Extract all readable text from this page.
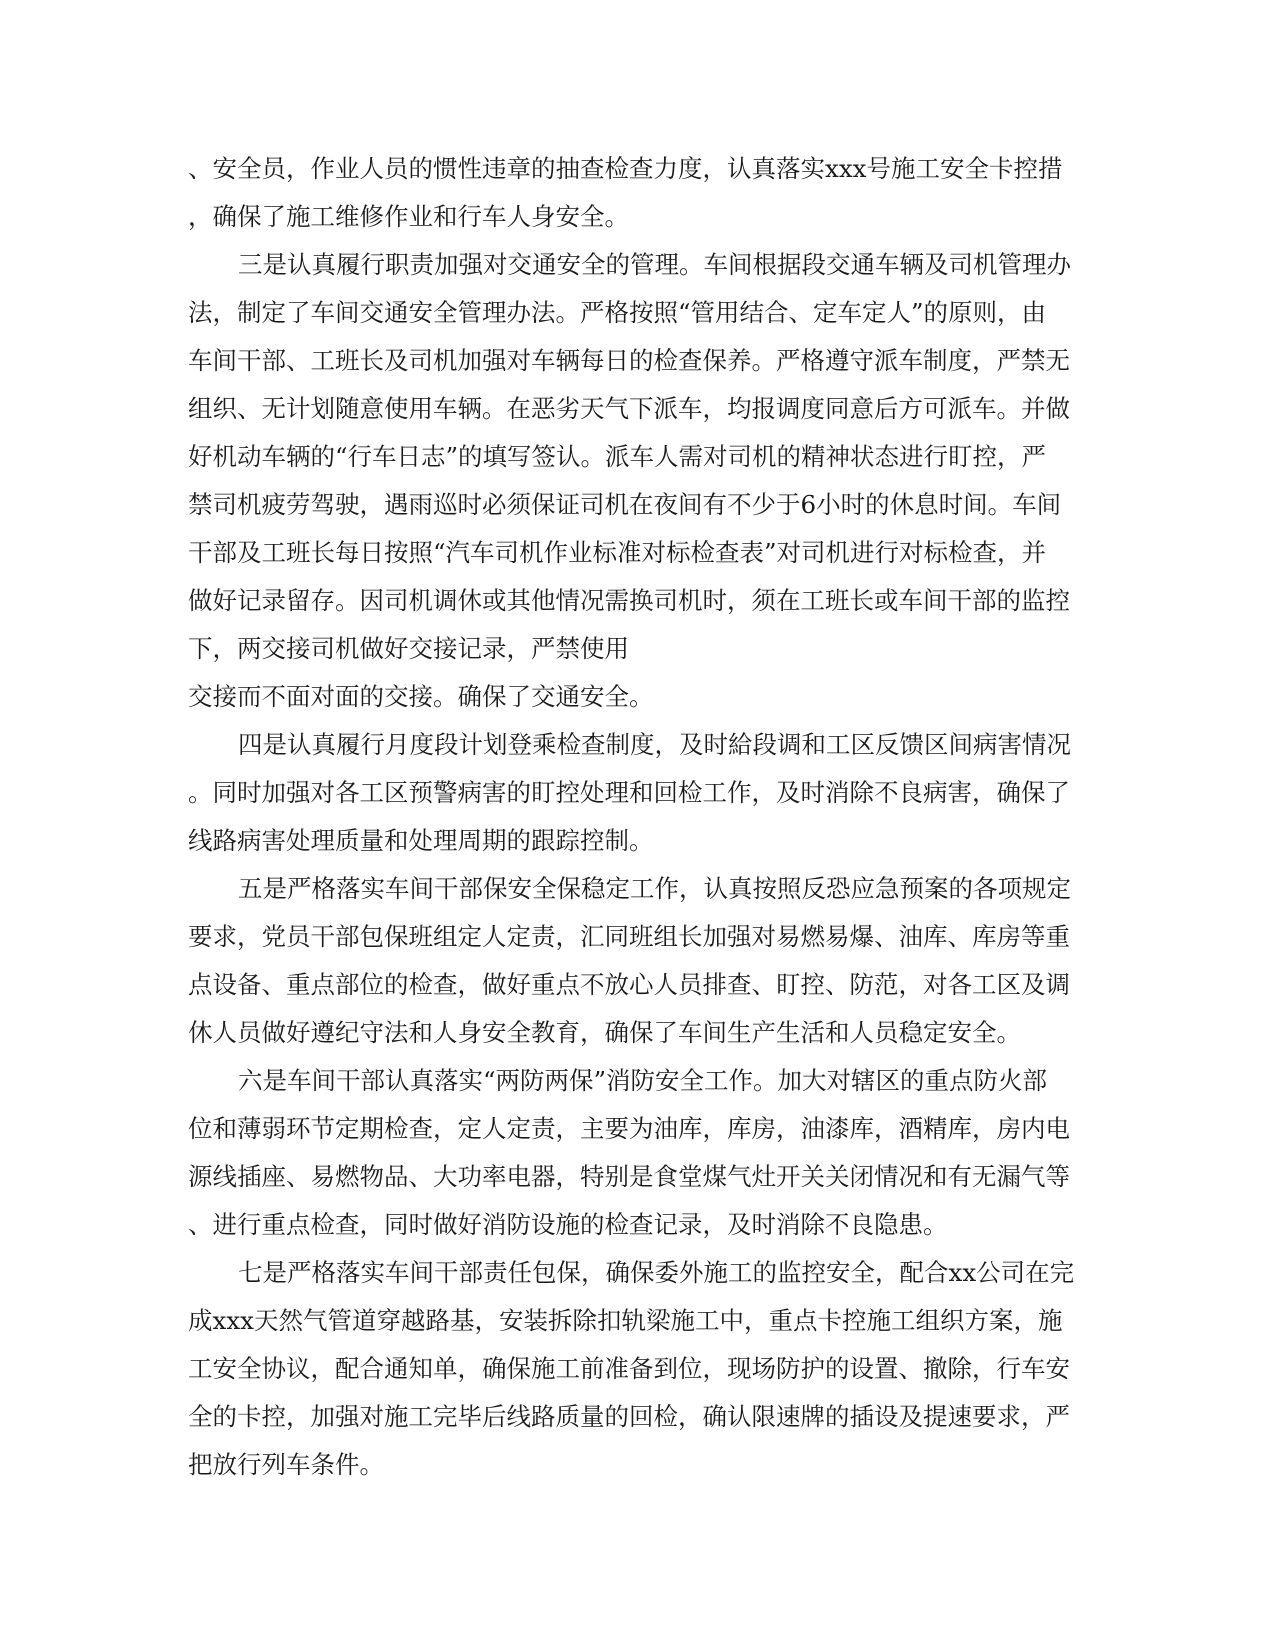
、安全员，作业人员的惯性违章的抽查检查力度，认真落实xxx号施工安全卡控措
，确保了施工维修作业和行车人身安全。
三是认真履行职责加强对交通安全的管理。车间根据段交通车辆及司机管理办
法，制定了车间交通安全管理办法。严格按照“管用结合、定车定人”的原则，由
车间干部、工班长及司机加强对车辆每日的检查保养。严格遵守派车制度，严禁无
组织、无计划随意使用车辆。在恶劣天气下派车，均报调度同意后方可派车。并做
好机动车辆的“行车日志”的填写签认。派车人需对司机的精神状态进行盯控，严
禁司机疲劳驾驶，遇雨巡时必须保证司机在夜间有不少于6小时的休息时间。车间
干部及工班长每日按照“汽车司机作业标准对标检查表”对司机进行对标检查，并
做好记录留存。因司机调休或其他情况需换司机时，须在工班长或车间干部的监控
下，两交接司机做好交接记录，严禁使用
交接而不面对面的交接。确保了交通安全。
四是认真履行月度段计划登乘检查制度，及时給段调和工区反馈区间病害情况
。同时加强对各工区预警病害的盯控处理和回检工作，及时消除不良病害，确保了
线路病害处理质量和处理周期的跟踪控制。
五是严格落实车间干部保安全保稳定工作，认真按照反恐应急预案的各项规定
要求，党员干部包保班组定人定责，汇同班组长加强对易燃易爆、油库、库房等重
点设备、重点部位的检查，做好重点不放心人员排查、盯控、防范，对各工区及调
休人员做好遵纪守法和人身安全教育，确保了车间生产生活和人员稳定安全。
六是车间干部认真落实“两防两保”消防安全工作。加大对辖区的重点防火部
位和薄弱环节定期检查，定人定责，主要为油库，库房，油漆库，酒精库，房内电
源线插座、易燃物品、大功率电器，特别是食堂煤气灶开关关闭情况和有无漏气等
、进行重点检查，同时做好消防设施的检查记录，及时消除不良隐患。
七是严格落实车间干部责任包保，确保委外施工的监控安全，配合xx公司在完
成xxx天然气管道穿越路基，安装拆除扣轨梁施工中，重点卡控施工组织方案，施
工安全协议，配合通知单，确保施工前准备到位，现场防护的设置、撤除，行车安
全的卡控，加强对施工完毕后线路质量的回检，确认限速牌的插设及提速要求，严
把放行列车条件。
